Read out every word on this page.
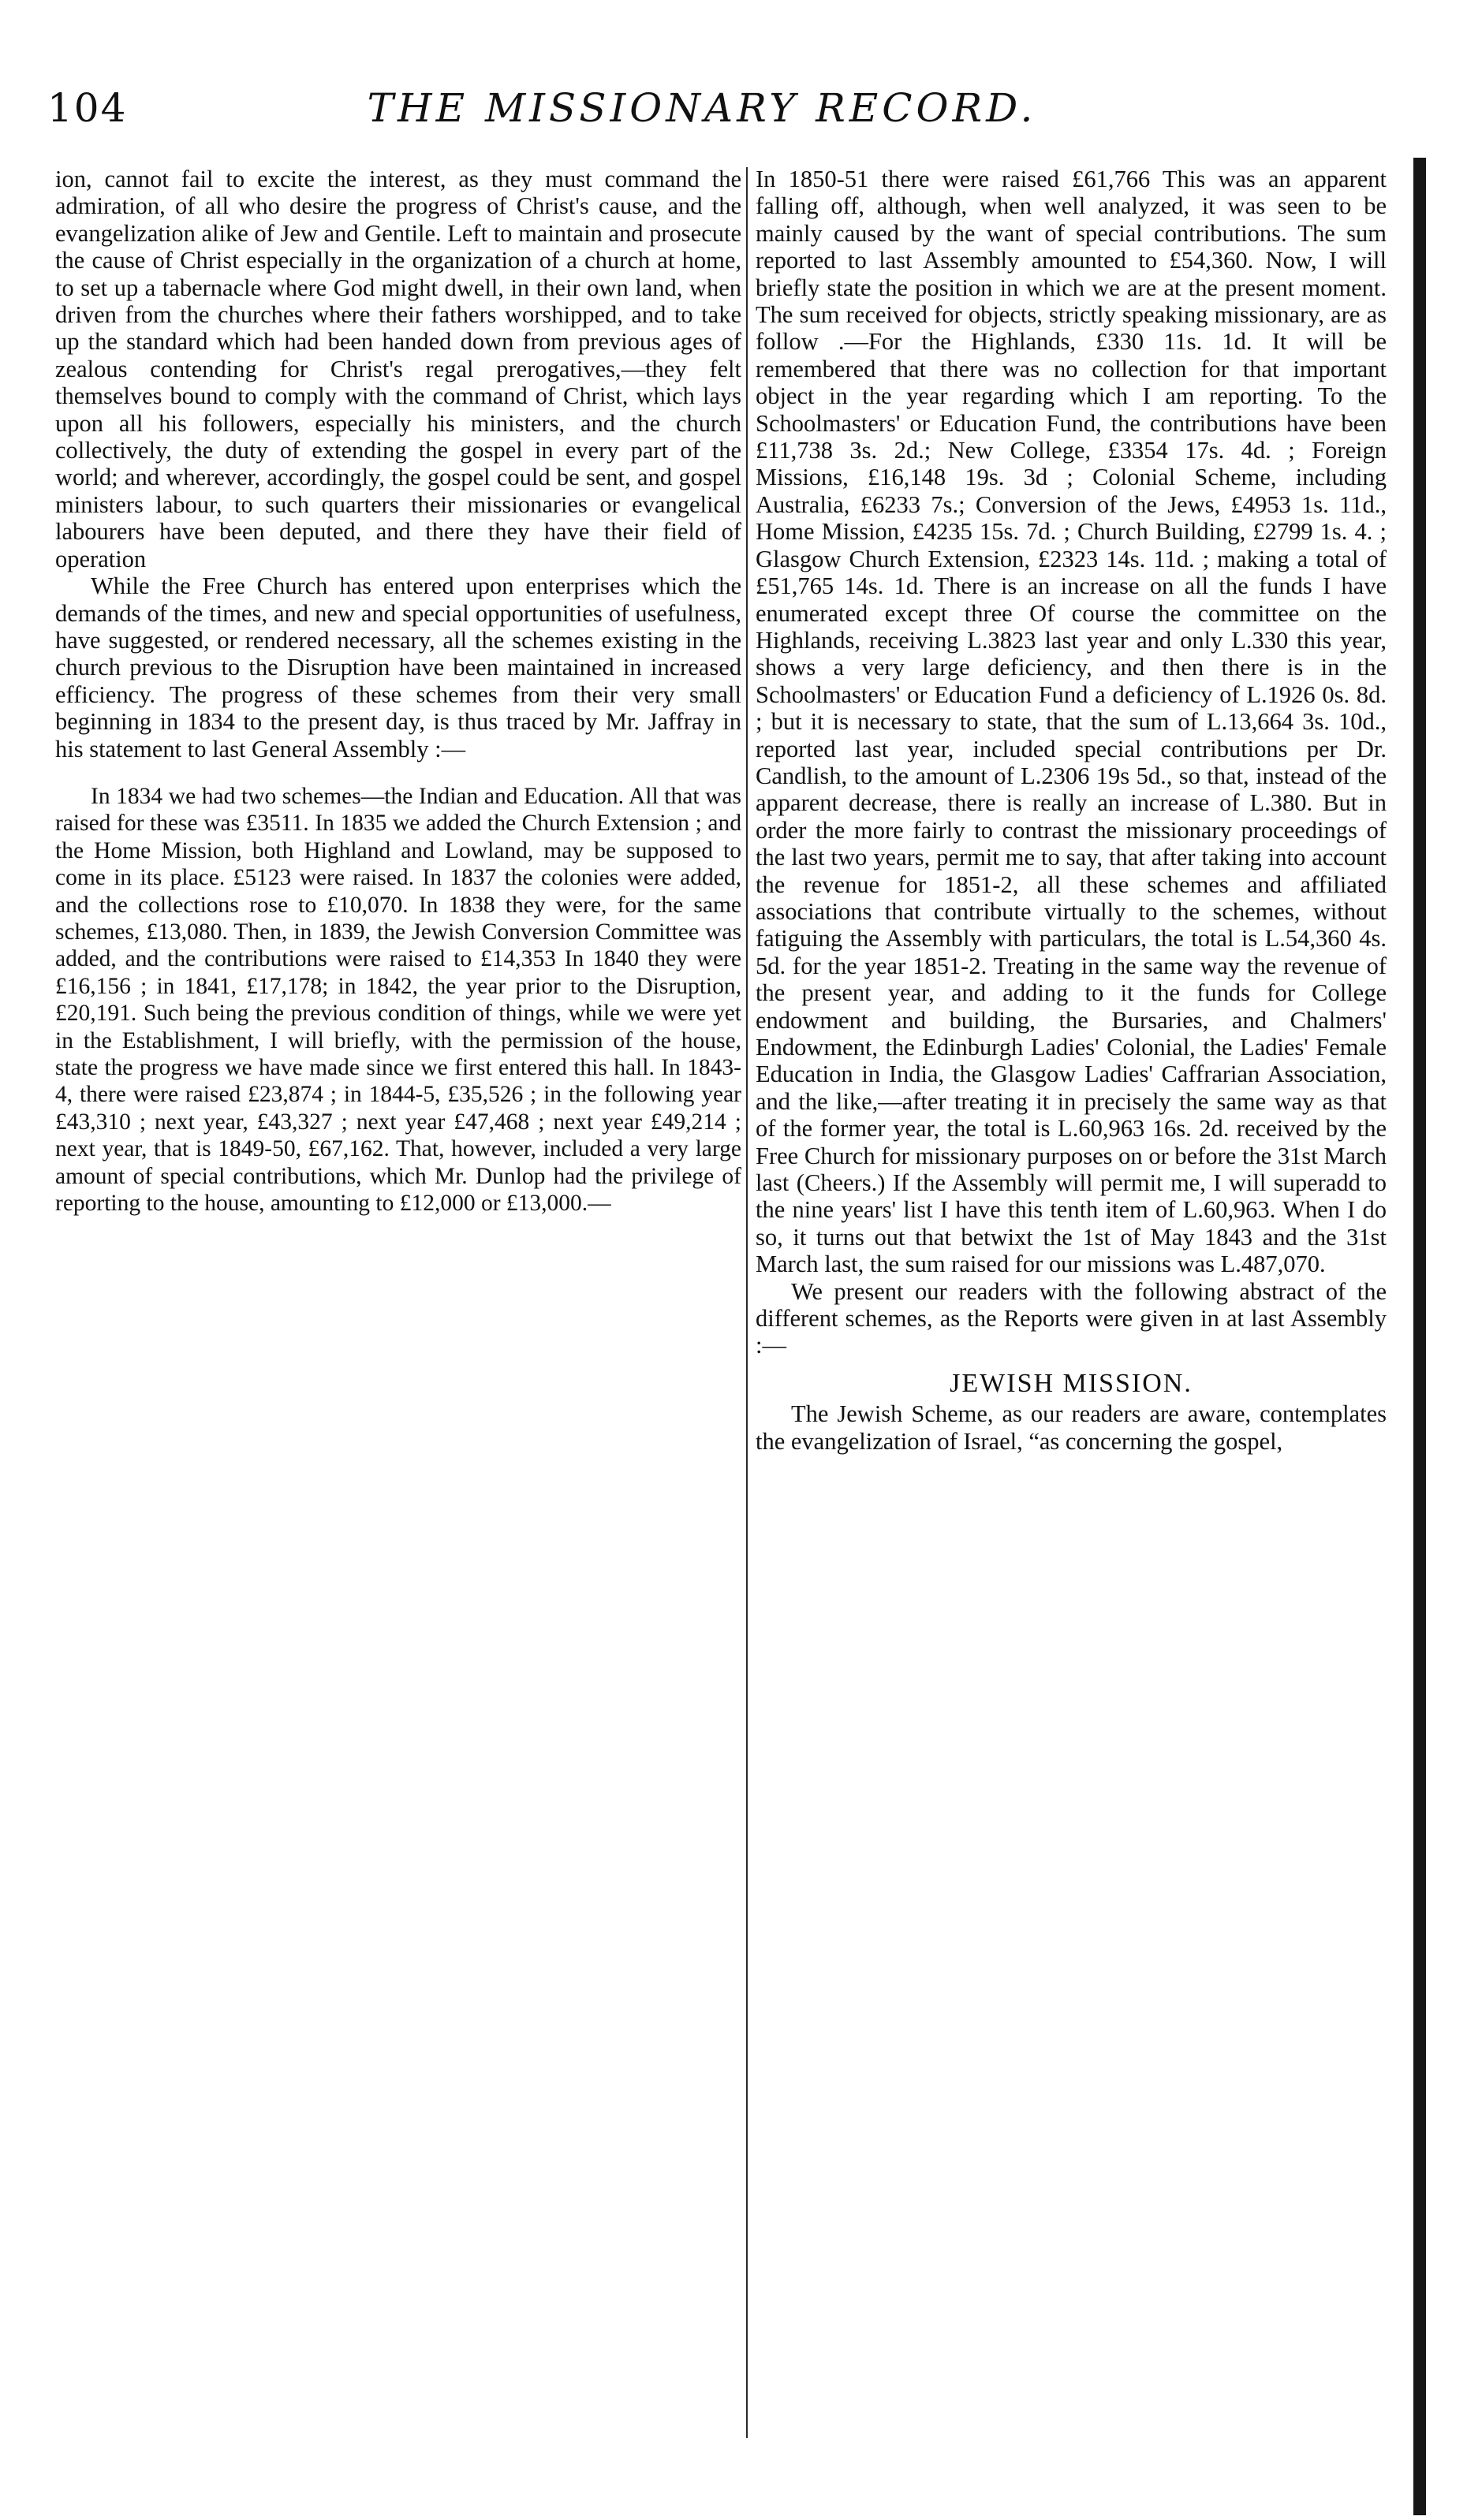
104	THE MISSIONARY RECORD.

ion, cannot fail to excite the interest, as they must command the admiration, of all who desire the progress of Christ's cause, and the evangelization alike of Jew and Gentile. Left to maintain and prosecute the cause of Christ especially in the organization of a church at home, to set up a tabernacle where God might dwell, in their own land, when driven from the churches where their fathers worshipped, and to take up the standard which had been handed down from previous ages of zealous contending for Christ's regal prerogatives,—they felt themselves bound to comply with the command of Christ, which lays upon all his followers, especially his ministers, and the church collectively, the duty of extending the gospel in every part of the world; and wherever, accordingly, the gospel could be sent, and gospel ministers labour, to such quarters their missionaries or evangelical labourers have been deputed, and there they have their field of operation

While the Free Church has entered upon enterprises which the demands of the times, and new and special opportunities of usefulness, have suggested, or rendered necessary, all the schemes existing in the church previous to the Disruption have been maintained in increased efficiency. The progress of these schemes from their very small beginning in 1834 to the present day, is thus traced by Mr. Jaffray in his statement to last General Assembly :—

In 1834 we had two schemes—the Indian and Education. All that was raised for these was £3511. In 1835 we added the Church Extension ; and the Home Mission, both Highland and Lowland, may be supposed to come in its place. £5123 were raised. In 1837 the colonies were added, and the collections rose to £10,070. In 1838 they were, for the same schemes, £13,080. Then, in 1839, the Jewish Conversion Committee was added, and the contributions were raised to £14,353 In 1840 they were £16,156 ; in 1841, £17,178; in 1842, the year prior to the Disruption, £20,191. Such being the previous condition of things, while we were yet in the Establishment, I will briefly, with the permission of the house, state the progress we have made since we first entered this hall. In 1843-4, there were raised £23,874 ; in 1844-5, £35,526 ; in the following year £43,310 ; next year, £43,327 ; next year £47,468 ; next year £49,214 ; next year, that is 1849-50, £67,162. That, however, included a very large amount of special contributions, which Mr. Dunlop had the privilege of reporting to the house, amounting to £12,000 or £13,000.—

In 1850-51 there were raised £61,766 This was an apparent falling off, although, when well analyzed, it was seen to be mainly caused by the want of special contributions. The sum reported to last Assembly amounted to £54,360. Now, I will briefly state the position in which we are at the present moment. The sum received for objects, strictly speaking missionary, are as follow .—For the Highlands, £330 11s. 1d. It will be remembered that there was no collection for that important object in the year regarding which I am reporting. To the Schoolmasters' or Education Fund, the contributions have been £11,738 3s. 2d.; New College, £3354 17s. 4d. ; Foreign Missions, £16,148 19s. 3d ; Colonial Scheme, including Australia, £6233 7s.; Conversion of the Jews, £4953 1s. 11d., Home Mission, £4235 15s. 7d. ; Church Building, £2799 1s. 4. ; Glasgow Church Extension, £2323 14s. 11d. ; making a total of £51,765 14s. 1d. There is an increase on all the funds I have enumerated except three Of course the committee on the Highlands, receiving L.3823 last year and only L.330 this year, shows a very large deficiency, and then there is in the Schoolmasters' or Education Fund a deficiency of L.1926 0s. 8d. ; but it is necessary to state, that the sum of L.13,664 3s. 10d., reported last year, included special contributions per Dr. Candlish, to the amount of L.2306 19s 5d., so that, instead of the apparent decrease, there is really an increase of L.380. But in order the more fairly to contrast the missionary proceedings of the last two years, permit me to say, that after taking into account the revenue for 1851-2, all these schemes and affiliated associations that contribute virtually to the schemes, without fatiguing the Assembly with particulars, the total is L.54,360 4s. 5d. for the year 1851-2. Treating in the same way the revenue of the present year, and adding to it the funds for College endowment and building, the Bursaries, and Chalmers' Endowment, the Edinburgh Ladies' Colonial, the Ladies' Female Education in India, the Glasgow Ladies' Caffrarian Association, and the like,—after treating it in precisely the same way as that of the former year, the total is L.60,963 16s. 2d. received by the Free Church for missionary purposes on or before the 31st March last (Cheers.) If the Assembly will permit me, I will superadd to the nine years' list I have this tenth item of L.60,963. When I do so, it turns out that betwixt the 1st of May 1843 and the 31st March last, the sum raised for our missions was L.487,070.

We present our readers with the following abstract of the different schemes, as the Reports were given in at last Assembly :—

JEWISH MISSION.

The Jewish Scheme, as our readers are aware, contemplates the evangelization of Israel, “as concerning the gospel,
